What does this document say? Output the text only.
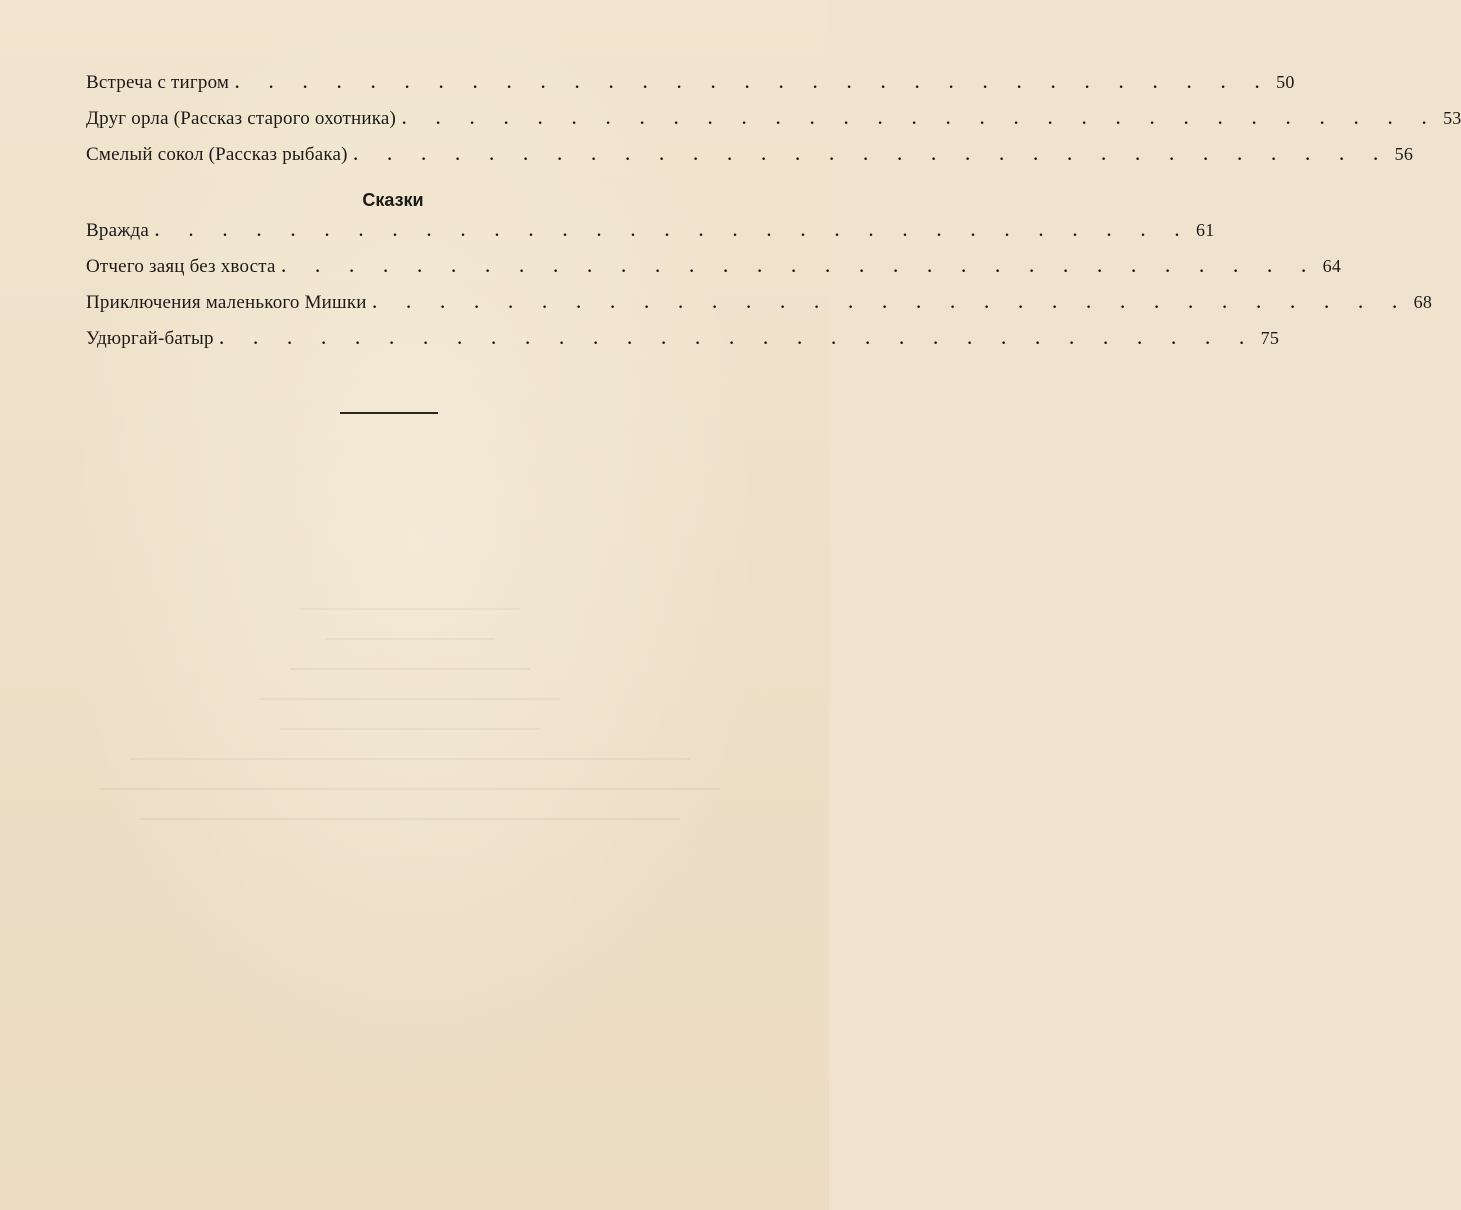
Встреча с тигром . . . . . . . . . . . . . . . . . . . . . . . . . . . . . . . 50
Друг орла (Рассказ старого охотника) . . . . . . . . . . . . . . . . . . . . . . . . . . . . . . . 53
Смелый сокол (Рассказ рыбака) . . . . . . . . . . . . . . . . . . . . . . . . . . . . . . . 56
Сказки
Вражда . . . . . . . . . . . . . . . . . . . . . . . . . . . . . . . 61
Отчего заяц без хвоста . . . . . . . . . . . . . . . . . . . . . . . . . . . . . . . 64
Приключения маленького Мишки . . . . . . . . . . . . . . . . . . . . . . . . . . . . . . . 68
Удюргай-батыр . . . . . . . . . . . . . . . . . . . . . . . . . . . . . . . 75
